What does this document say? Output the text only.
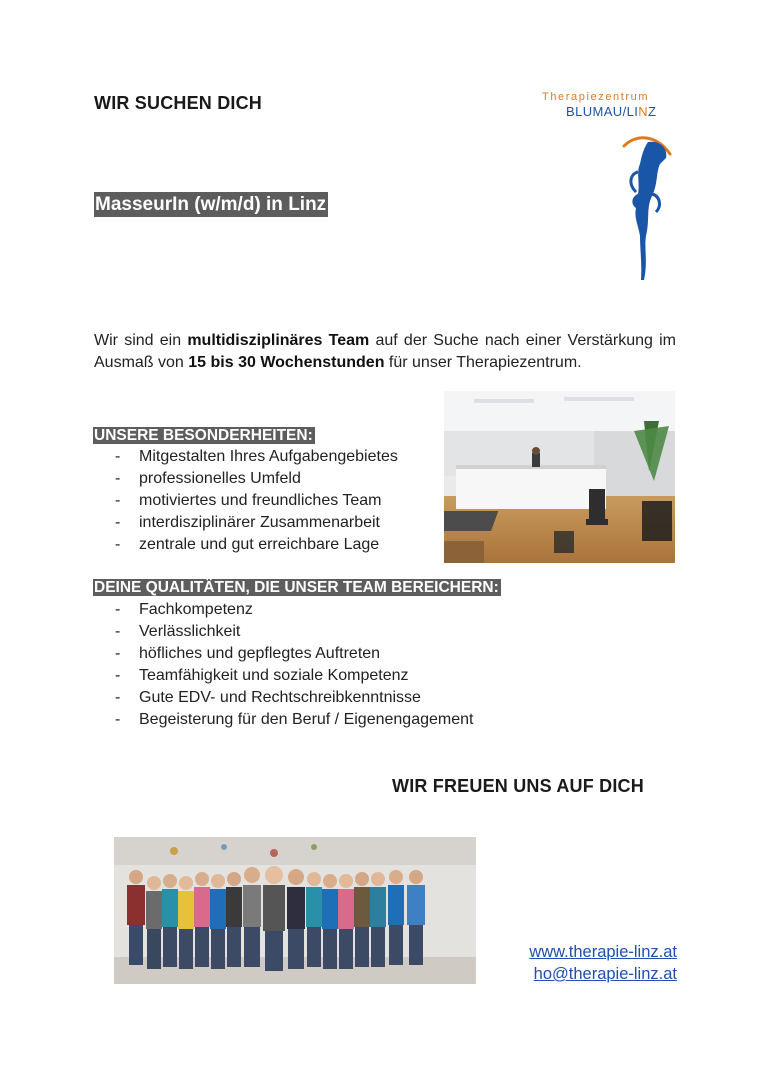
WIR SUCHEN DICH	Therapiezentrum
BLUMAU/LINZ
MasseurIn (w/m/d) in Linz
Wir sind ein multidisziplinäres Team auf der Suche nach einer Verstärkung im Ausmaß von 15 bis 30 Wochenstunden für unser Therapiezentrum.
UNSERE BESONDERHEITEN:
- Mitgestalten Ihres Aufgabengebietes
- professionelles Umfeld
- motiviertes und freundliches Team
- interdisziplinärer Zusammenarbeit
- zentrale und gut erreichbare Lage
DEINE QUALITÄTEN, DIE UNSER TEAM BEREICHERN:
- Fachkompetenz
- Verlässlichkeit
- höfliches und gepflegtes Auftreten
- Teamfähigkeit und soziale Kompetenz
- Gute EDV- und Rechtschreibkenntnisse
- Begeisterung für den Beruf / Eigenengagement
WIR FREUEN UNS AUF DICH
www.therapie-linz.at
ho@therapie-linz.at
